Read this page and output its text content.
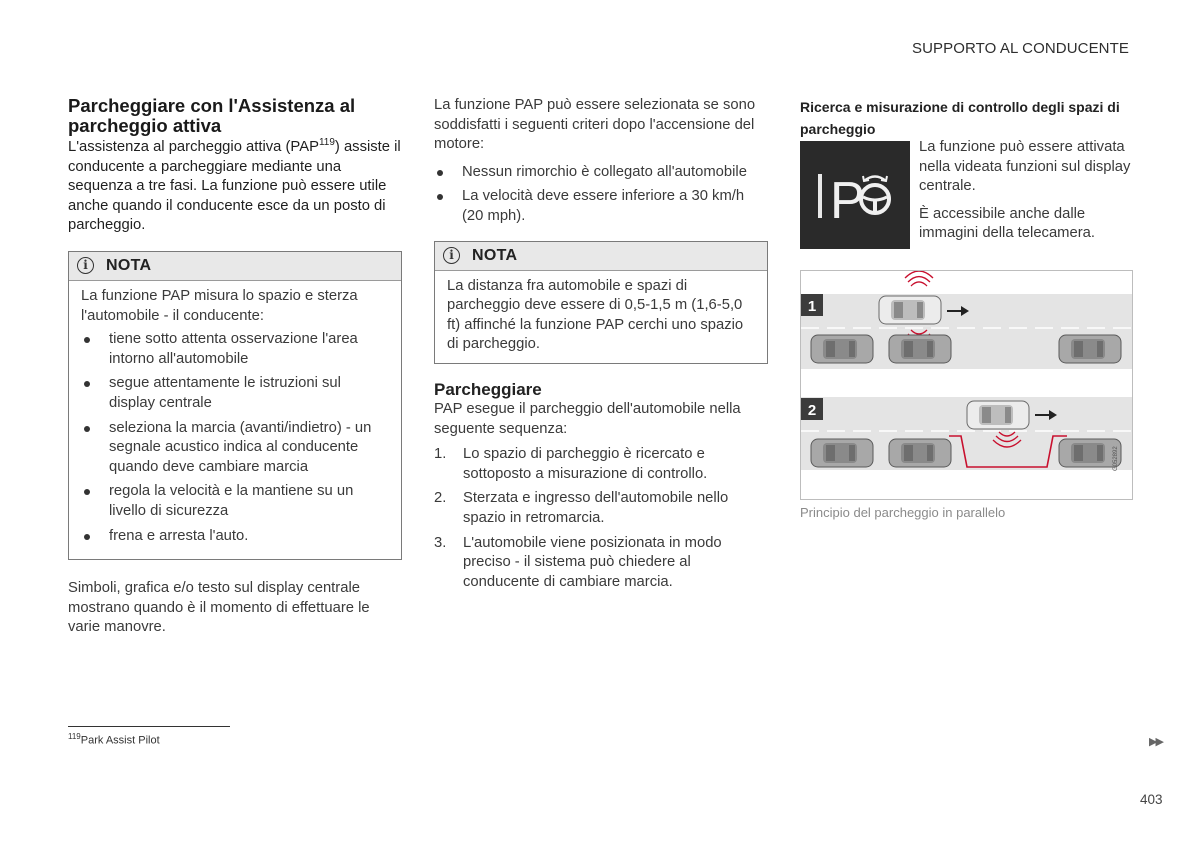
SUPPORTO AL CONDUCENTE
Parcheggiare con l'Assistenza al parcheggio attiva

L'assistenza al parcheggio attiva (PAP$^{119}$) assiste il conducente a parcheggiare mediante una sequenza a tre fasi. La funzione può essere utile anche quando il conducente esce da un posto di parcheggio.

i	NOTA

La funzione PAP misura lo spazio e sterza l'automobile - il conducente:

tiene sotto attenta osservazione l'area intorno all'automobile
segue attentamente le istruzioni sul display centrale
seleziona la marcia (avanti/indietro) - un segnale acustico indica al conducente quando deve cambiare marcia
regola la velocità e la mantiene su un livello di sicurezza
frena e arresta l'auto.

Simboli, grafica e/o testo sul display centrale mostrano quando è il momento di effettuare le varie manovre.

La funzione PAP può essere selezionata se sono soddisfatti i seguenti criteri dopo l'accensione del motore:

Nessun rimorchio è collegato all'automobile
La velocità deve essere inferiore a 30 km/h (20 mph).
i	NOTA

La distanza fra automobile e spazi di parcheggio deve essere di 0,5-1,5 m (1,6-5,0 ft) affinché la funzione PAP cerchi uno spazio di parcheggio.

Parcheggiare

PAP esegue il parcheggio dell'automobile nella seguente sequenza:

1. Lo spazio di parcheggio è ricercato e sottoposto a misurazione di controllo.
2. Sterzata e ingresso dell'automobile nello spazio in retromarcia.
3. L'automobile viene posizionata in modo preciso - il sistema può chiedere al conducente di cambiare marcia.
Ricerca e misurazione di controllo degli spazi di parcheggio
P

La funzione può essere attivata nella videata funzioni sul display centrale.

È accessibile anche dalle immagini della telecamera.

1
2
G052892
Principio del parcheggio in parallelo
$^{119}$Park Assist Pilot	▶▶
403
